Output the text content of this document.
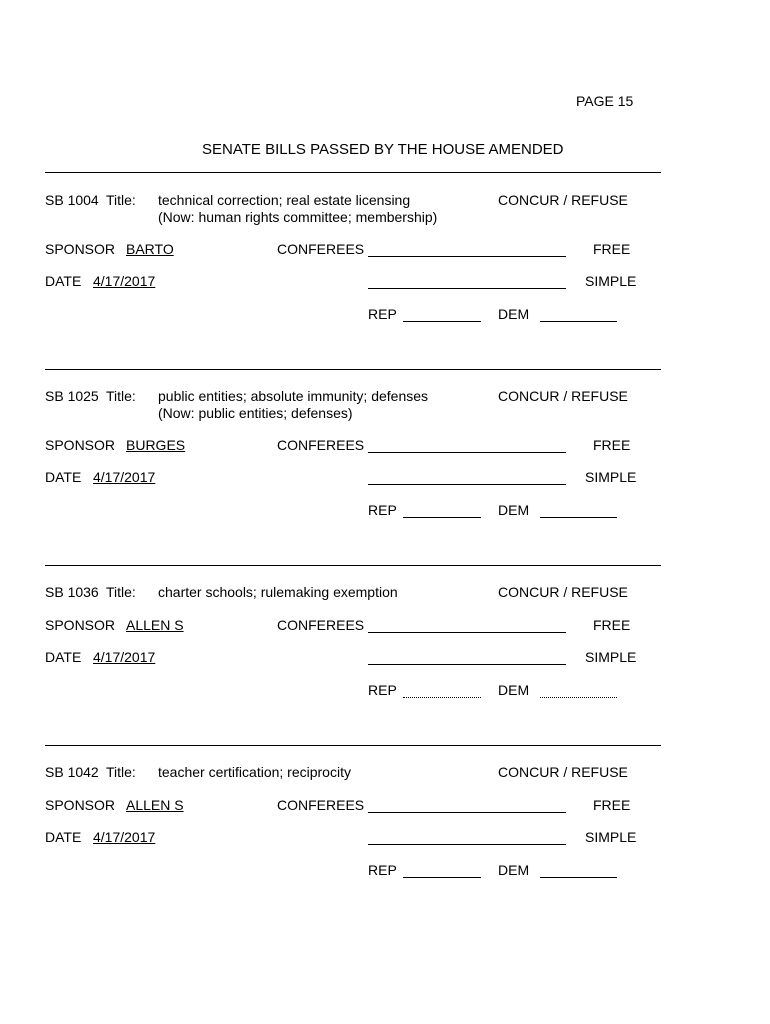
PAGE 15
SENATE BILLS PASSED BY THE HOUSE AMENDED
SB 1004 Title: technical correction; real estate licensing
(Now: human rights committee; membership)
CONCUR / REFUSE
SPONSOR BARTO	CONFEREES	FREE
DATE 4/17/2017	SIMPLE
REP	DEM
SB 1025 Title: public entities; absolute immunity; defenses
(Now: public entities; defenses)
CONCUR / REFUSE
SPONSOR BURGES	CONFEREES	FREE
DATE 4/17/2017	SIMPLE
REP	DEM
SB 1036 Title: charter schools; rulemaking exemption	CONCUR / REFUSE
SPONSOR ALLEN S	CONFEREES	FREE
DATE 4/17/2017	SIMPLE
REP	DEM
SB 1042 Title: teacher certification; reciprocity	CONCUR / REFUSE
SPONSOR ALLEN S	CONFEREES	FREE
DATE 4/17/2017	SIMPLE
REP	DEM
